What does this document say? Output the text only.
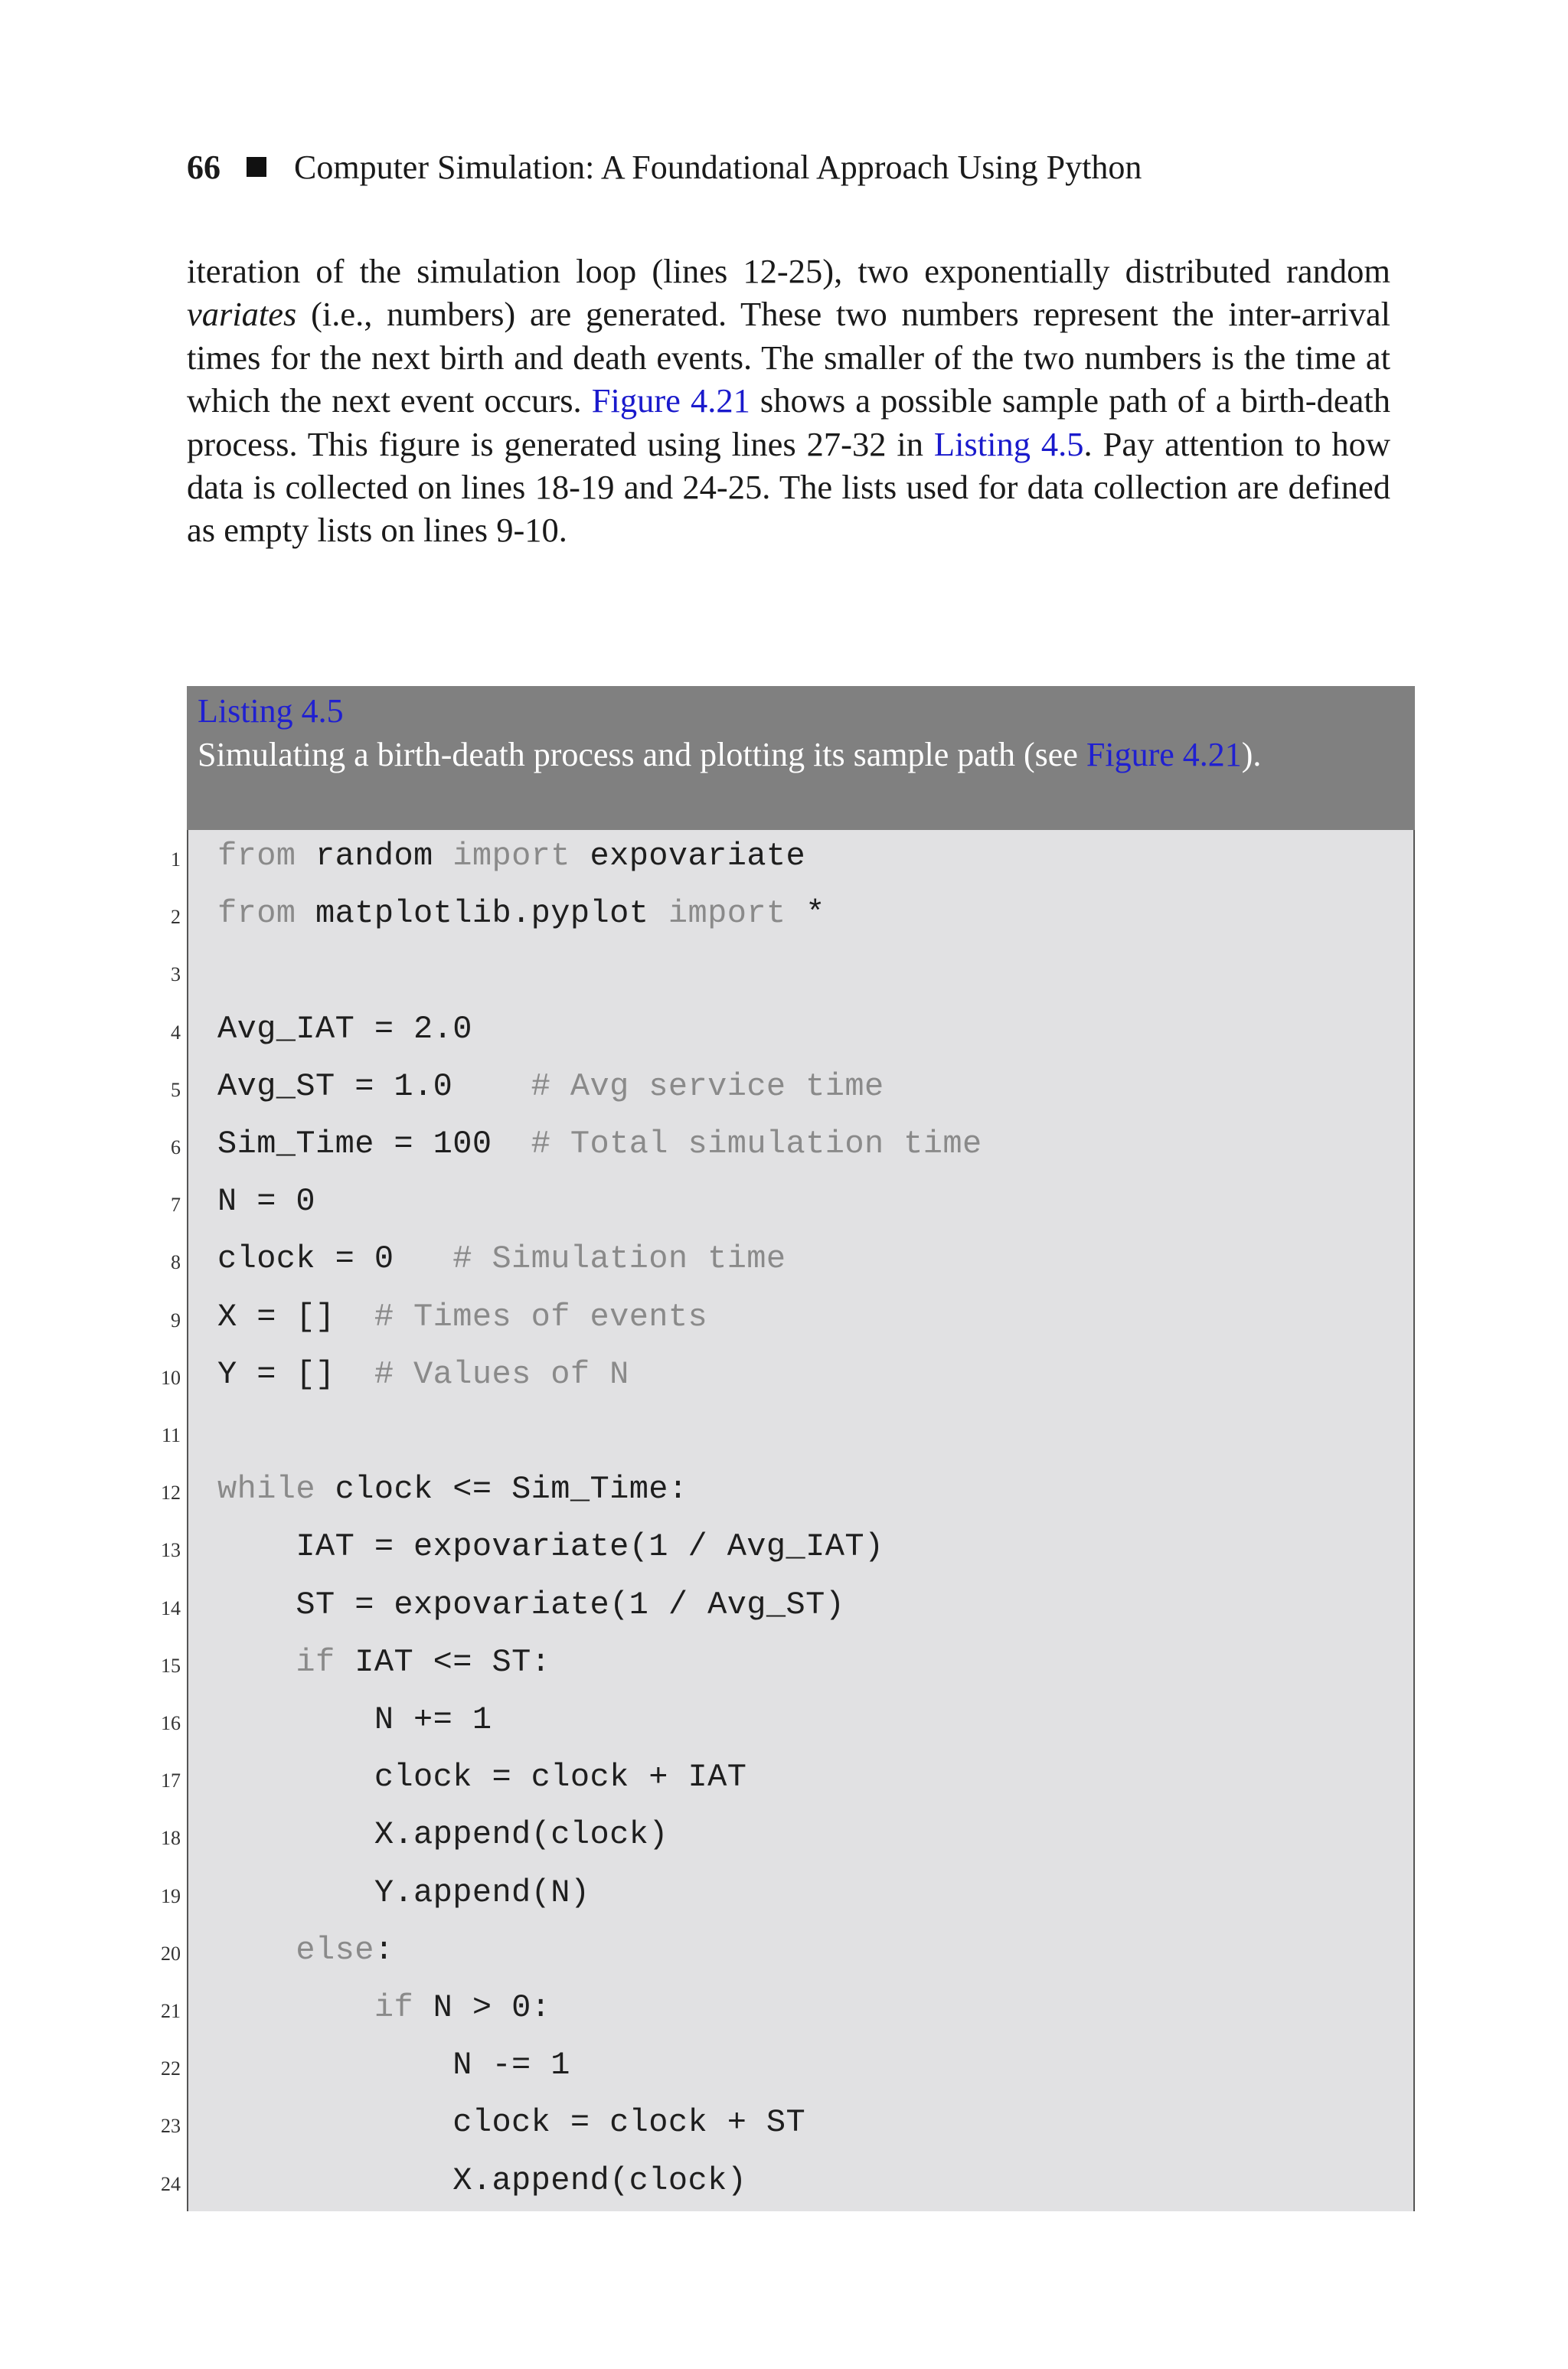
66 Computer Simulation: A Foundational Approach Using Python
iteration of the simulation loop (lines 12-25), two exponentially distributed random variates (i.e., numbers) are generated. These two numbers represent the inter-arrival times for the next birth and death events. The smaller of the two numbers is the time at which the next event occurs. Figure 4.21 shows a possible sample path of a birth-death process. This figure is generated using lines 27-32 in Listing 4.5. Pay attention to how data is collected on lines 18-19 and 24-25. The lists used for data collection are defined as empty lists on lines 9-10.
Listing 4.5
Simulating a birth-death process and plotting its sample path (see Figure 4.21).
1 from random import expovariate
2 from matplotlib.pyplot import *
3
4 Avg_IAT = 2.0
5 Avg_ST = 1.0    # Avg service time
6 Sim_Time = 100  # Total simulation time
7 N = 0
8 clock = 0   # Simulation time
9 X = []  # Times of events
10 Y = []  # Values of N
11
12 while clock <= Sim_Time:
13 IAT = expovariate(1 / Avg_IAT)
14 ST = expovariate(1 / Avg_ST)
15	if IAT <= ST:
16 N += 1
17 clock = clock + IAT
18 X.append(clock)
19 Y.append(N)
20	else:
21	if N > 0:
22 N -= 1
23 clock = clock + ST
24 X.append(clock)
